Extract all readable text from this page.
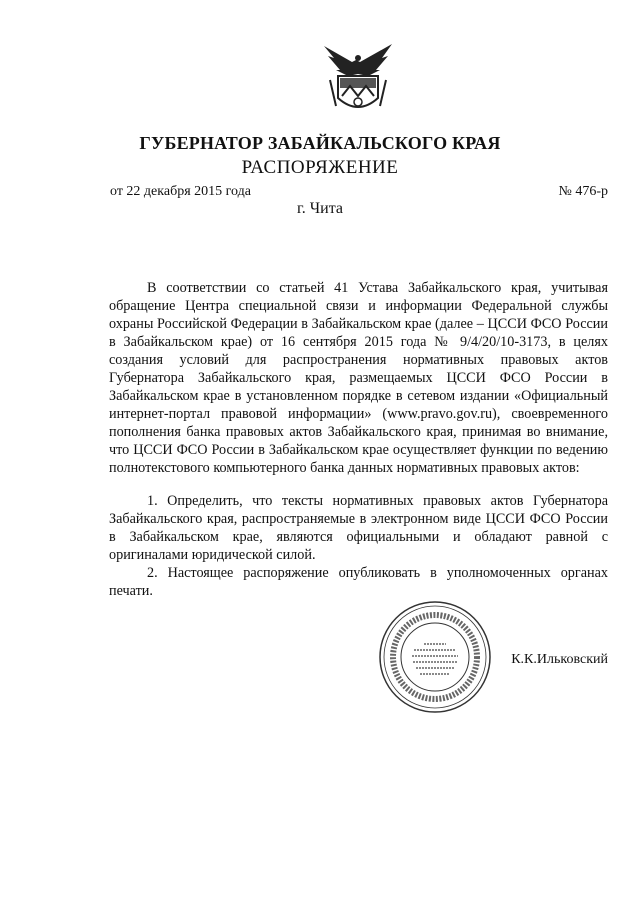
ГУБЕРНАТОР ЗАБАЙКАЛЬСКОГО КРАЯ
РАСПОРЯЖЕНИЕ
от 22 декабря 2015 года	№ 476-р
г. Чита

В соответствии со статьей 41 Устава Забайкальского края, учитывая обращение Центра специальной связи и информации Федеральной службы охраны Российской Федерации в Забайкальском крае (далее – ЦССИ ФСО России в Забайкальском крае) от 16 сентября 2015 года № 9/4/20/10-3173, в целях создания условий для распространения нормативных правовых актов Губернатора Забайкальского края, размещаемых ЦССИ ФСО России в Забайкальском крае в установленном порядке в сетевом издании «Официальный интернет-портал правовой информации» (www.pravo.gov.ru), своевременного пополнения банка правовых актов Забайкальского края, принимая во внимание, что ЦССИ ФСО России в Забайкальском крае осуществляет функции по ведению полнотекстового компьютерного банка данных нормативных правовых актов:

1. Определить, что тексты нормативных правовых актов Губернатора Забайкальского края, распространяемые в электронном виде ЦССИ ФСО России в Забайкальском крае, являются официальными и обладают равной с оригиналами юридической силой.

2. Настоящее распоряжение опубликовать в уполномоченных органах печати.

К.К.Ильковский
